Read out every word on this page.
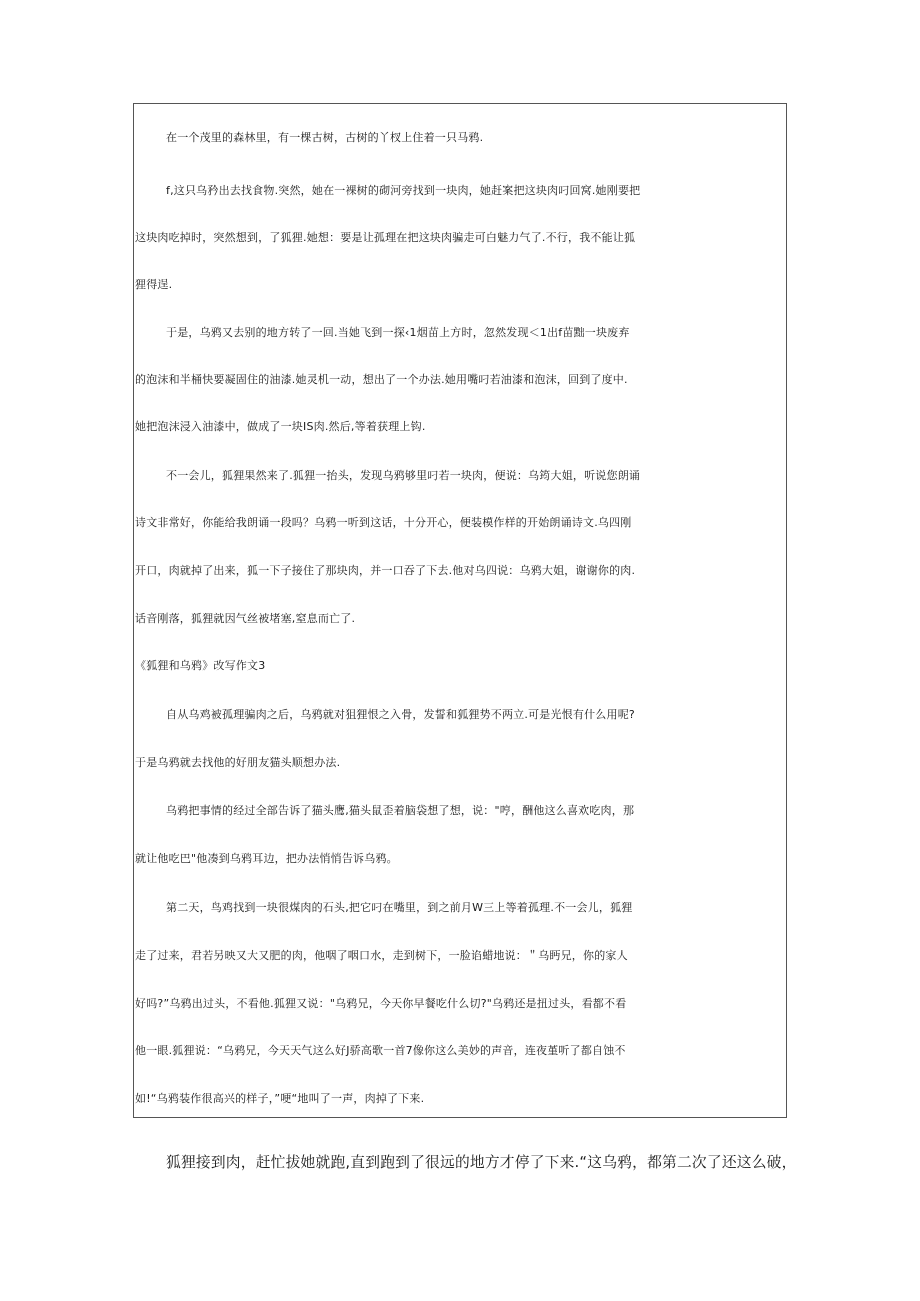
在一个茂里的森林里，有一棵古树，古树的丫杈上住着一只马鸦.
f,这只乌矜出去找食物.突然，她在一裸树的砌河旁找到一块肉，她赶案把这块肉叼回窝.她刚要把
这块肉吃掉时，突然想到，了狐狸.她想：要是让孤理在把这块肉骗走可白魅力气了.不行，我不能让狐
狸得逞.
于是，乌鸦又去别的地方转了一回.当她飞到一探‹1烟苗上方时，忽然发现＜1出f苗黜一块废弃
的泡沫和半桶快要凝固住的油漆.她灵机一动，想出了一个办法.她用嘴叼若油漆和泡沫，回到了度中.
她把泡沫浸入油漆中，做成了一块IS肉.然后,等着获理上钩.
不一会儿，狐狸果然来了.狐狸一抬头，发现乌鸦够里叼若一块肉，便说：乌筠大姐，听说您朗诵
诗文非常好，你能给我朗诵一段吗？乌鸦一听到这话，十分开心，便装模作样的开始朗诵诗文.乌四刚
开口，肉就掉了出来，狐一下子接住了那块肉，并一口吞了下去.他对乌四说：乌鸦大姐，谢谢你的肉.
话音刚落，狐狸就因气丝被堵塞,窒息而亡了.
《狐狸和乌鸦》改写作文3
自从乌鸡被孤理骗肉之后，乌鸦就对狙狸恨之入骨，发誓和狐狸势不两立.可是光恨有什么用呢?
于是乌鸦就去找他的好朋友猫头顺想办法.
乌鸦把事情的经过全部告诉了猫头鹰,猫头鼠歪着脑袋想了想，说："哼，酬他这么喜欢吃肉，那
就让他吃巴"他凑到乌鸦耳边，把办法悄悄告诉乌鸦。
第二天，鸟鸡找到一块很煤肉的石头,把它叼在嘴里，到之前月W三上等着孤理.不一会儿，狐狸
走了过来，君若另映又大又肥的肉，他咽了咽口水，走到树下，一脸谄蜡地说：＂乌眄兄，你的家人
好吗?”乌鸦出过头，不看他.狐狸又说："乌鸦兄，今天你早餐吃什么切?"乌鸦还是扭过头，看都不看
他一眼.狐狸说：“乌鸦兄，今天天气这么好J骄高歌一首7像你这么美妙的声音，连夜堇听了都自蚀不
如!“乌鸦装作很高兴的样子，”哽“地叫了一声，肉掉了下来.
狐狸接到肉，赶忙拔她就跑,直到跑到了很远的地方才停了下来.“这乌鸦，都第二次了还这么破，
